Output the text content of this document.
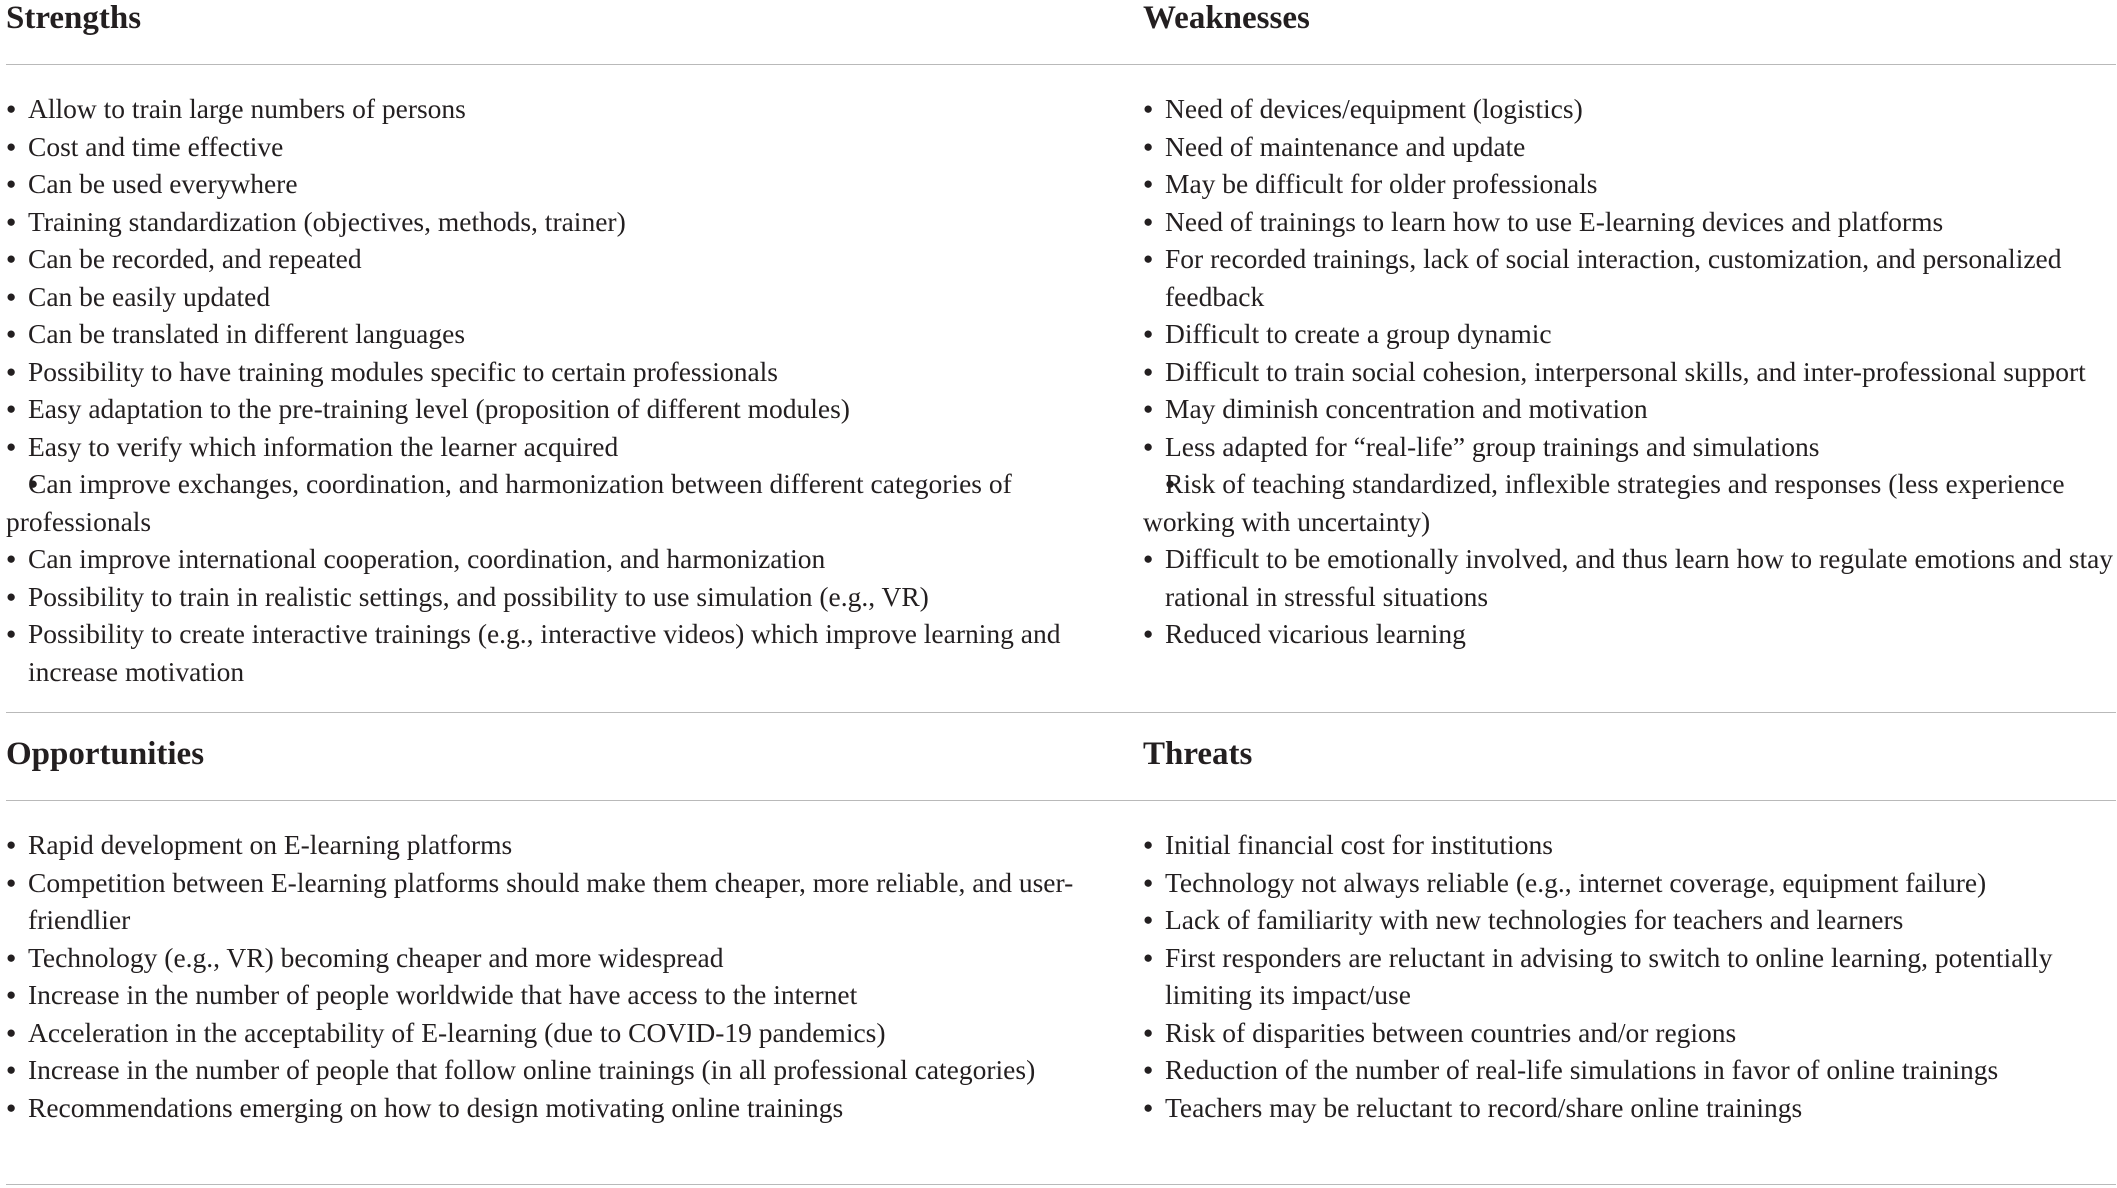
Strengths	Weaknesses
● Allow to train large numbers of persons
● Cost and time effective
● Can be used everywhere
● Training standardization (objectives, methods, trainer)
● Can be recorded, and repeated
● Can be easily updated
● Can be translated in different languages
● Possibility to have training modules specific to certain professionals
● Easy adaptation to the pre-training level (proposition of different modules)
● Easy to verify which information the learner acquired
● Can improve exchanges, coordination, and harmonization between different categories of professionals
● Can improve international cooperation, coordination, and harmonization
● Possibility to train in realistic settings, and possibility to use simulation (e.g., VR)
● Possibility to create interactive trainings (e.g., interactive videos) which improve learning and increase motivation
● Need of devices/equipment (logistics)
● Need of maintenance and update
● May be difficult for older professionals
● Need of trainings to learn how to use E-learning devices and platforms
● For recorded trainings, lack of social interaction, customization, and personalized feedback
● Difficult to create a group dynamic
● Difficult to train social cohesion, interpersonal skills, and inter-professional support
● May diminish concentration and motivation
● Less adapted for “real-life” group trainings and simulations
● Risk of teaching standardized, inflexible strategies and responses (less experience working with uncertainty)
● Difficult to be emotionally involved, and thus learn how to regulate emotions and stay rational in stressful situations
● Reduced vicarious learning
Opportunities	Threats
● Rapid development on E-learning platforms
● Competition between E-learning platforms should make them cheaper, more reliable, and user-friendlier
● Technology (e.g., VR) becoming cheaper and more widespread
● Increase in the number of people worldwide that have access to the internet
● Acceleration in the acceptability of E-learning (due to COVID-19 pandemics)
● Increase in the number of people that follow online trainings (in all professional categories)
● Recommendations emerging on how to design motivating online trainings
● Initial financial cost for institutions
● Technology not always reliable (e.g., internet coverage, equipment failure)
● Lack of familiarity with new technologies for teachers and learners
● First responders are reluctant in advising to switch to online learning, potentially limiting its impact/use
● Risk of disparities between countries and/or regions
● Reduction of the number of real-life simulations in favor of online trainings
● Teachers may be reluctant to record/share online trainings
